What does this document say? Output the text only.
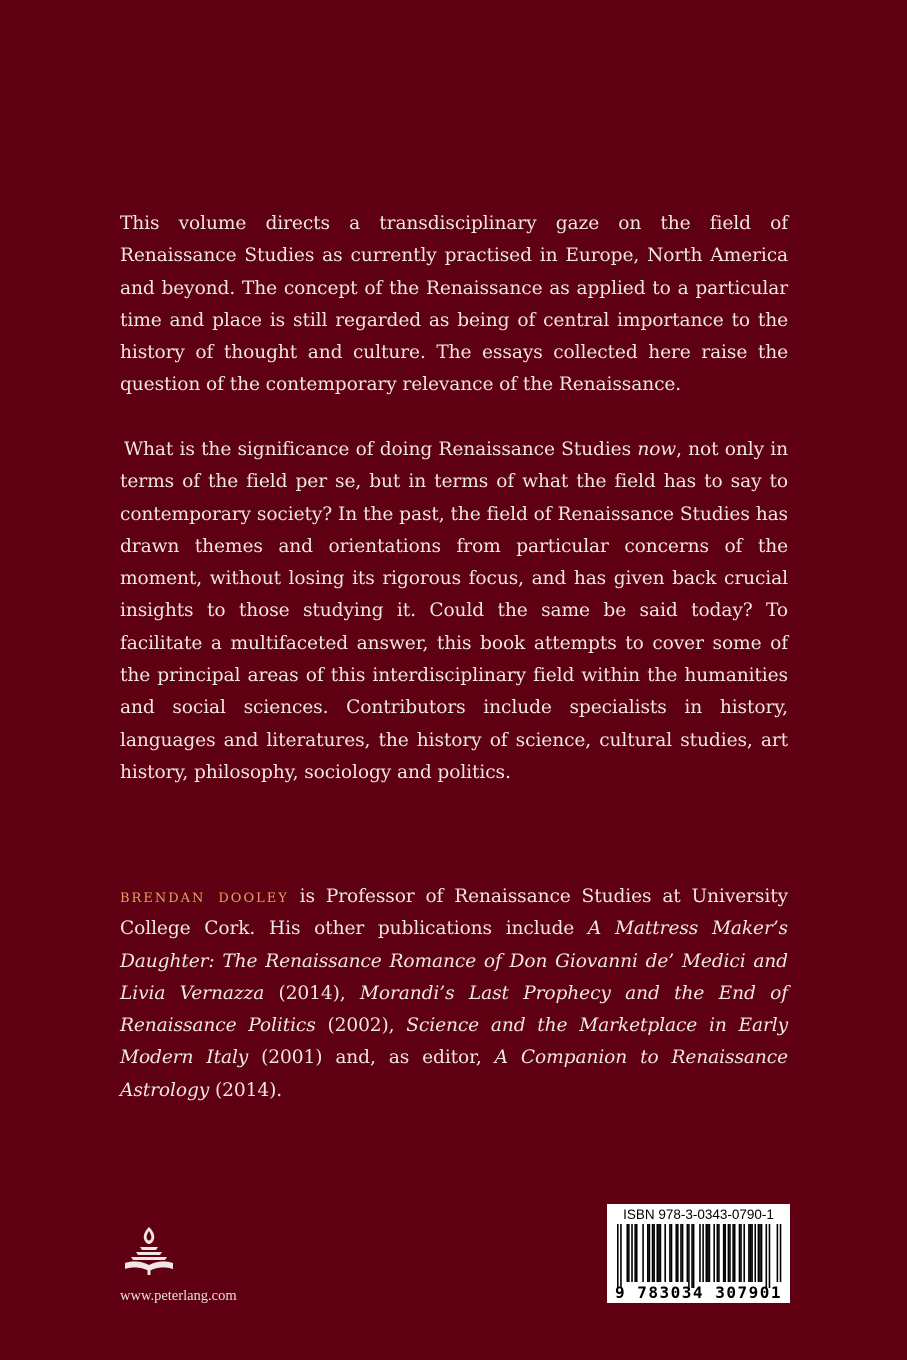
This volume directs a transdisciplinary gaze on the field of Renaissance Studies as currently practised in Europe, North America and beyond. The concept of the Renaissance as applied to a particular time and place is still regarded as being of central importance to the history of thought and culture. The essays collected here raise the question of the contemporary relevance of the Renaissance.
What is the significance of doing Renaissance Studies now, not only in terms of the field per se, but in terms of what the field has to say to contemporary society? In the past, the field of Renaissance Studies has drawn themes and orientations from particular concerns of the moment, without losing its rigorous focus, and has given back crucial insights to those studying it. Could the same be said today? To facilitate a multifaceted answer, this book attempts to cover some of the principal areas of this interdisciplinary field within the humanities and social sciences. Contributors include specialists in history, languages and literatures, the history of science, cultural studies, art history, philosophy, sociology and politics.
brendan dooley is Professor of Renaissance Studies at University College Cork. His other publications include A Mattress Maker’s Daughter: The Renaissance Romance of Don Giovanni de’ Medici and Livia Vernazza (2014), Morandi’s Last Prophecy and the End of Renaissance Politics (2002), Science and the Marketplace in Early Modern Italy (2001) and, as editor, A Companion to Renaissance Astrology (2014).
www.peterlang.com
ISBN 978-3-0343-0790-1
9 783034 307901
